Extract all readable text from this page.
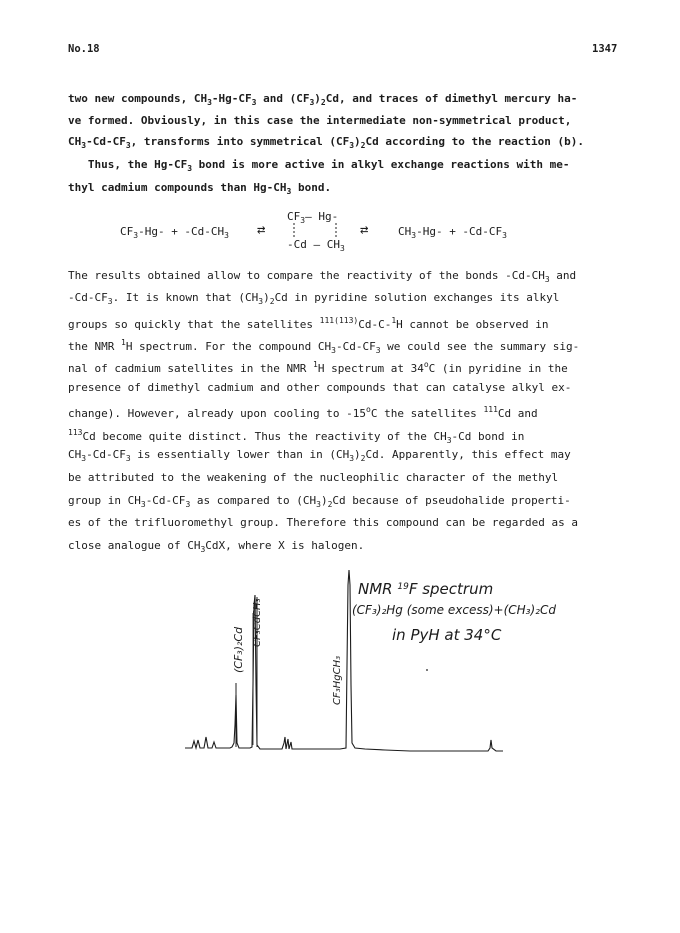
No.18	1347
two new compounds, $CH_3-Hg-CF_3$ and $(CF_3)_2Cd$, and traces of dimethyl mercury ha-
ve formed. Obviously, in this case the intermediate non-symmetrical product,
$CH_3-Cd-CF_3$, transforms into symmetrical $(CF_3)_2Cd$ according to the reaction (b).
Thus, the $Hg-CF_3$ bond is more active in alkyl exchange reactions with me-
thyl cadmium compounds than $Hg-CH_3$ bond.
$CF_3-Hg- + -Cd-CH_3$ ⇄
$CF_3—$ Hg-
-Cd — $CH_3$
⇄	$CH_3-Hg- + -Cd-CF_3$
The results obtained allow to compare the reactivity of the bonds $-Cd-CH_3$ and
$-Cd-CF_3$. It is known that $(CH_3)_2Cd$ in pyridine solution exchanges its alkyl
groups so quickly that the satellites $^{111(113)}$Cd-C-$^1$H cannot be observed in
the NMR $^1$H spectrum. For the compound $CH_3-Cd-CF_3$ we could see the summary sig-
nal of cadmium satellites in the NMR $^1$H spectrum at 34$^o$C (in pyridine in the
presence of dimethyl cadmium and other compounds that can catalyse alkyl ex-
change). However, already upon cooling to -15$^o$C the satellites $^{111}$Cd and
$^{113}$Cd become quite distinct. Thus the reactivity of the $CH_3-Cd$ bond in
$CH_3-Cd-CF_3$ is essentially lower than in $(CH_3)_2Cd$. Apparently, this effect may
be attributed to the weakening of the nucleophilic character of the methyl
group in $CH_3-Cd-CF_3$ as compared to $(CH_3)_2Cd$ because of pseudohalide properti-
es of the trifluoromethyl group. Therefore this compound can be regarded as a
close analogue of $CH_3CdX$, where X is halogen.
(CF₃)₂Cd
CF₃CdCH₃
CF₃HgCH₃
NMR $^{19}$F spectrum
(CF₃)₂Hg (some excess)+(CH₃)₂Cd
in PyH at 34°C
